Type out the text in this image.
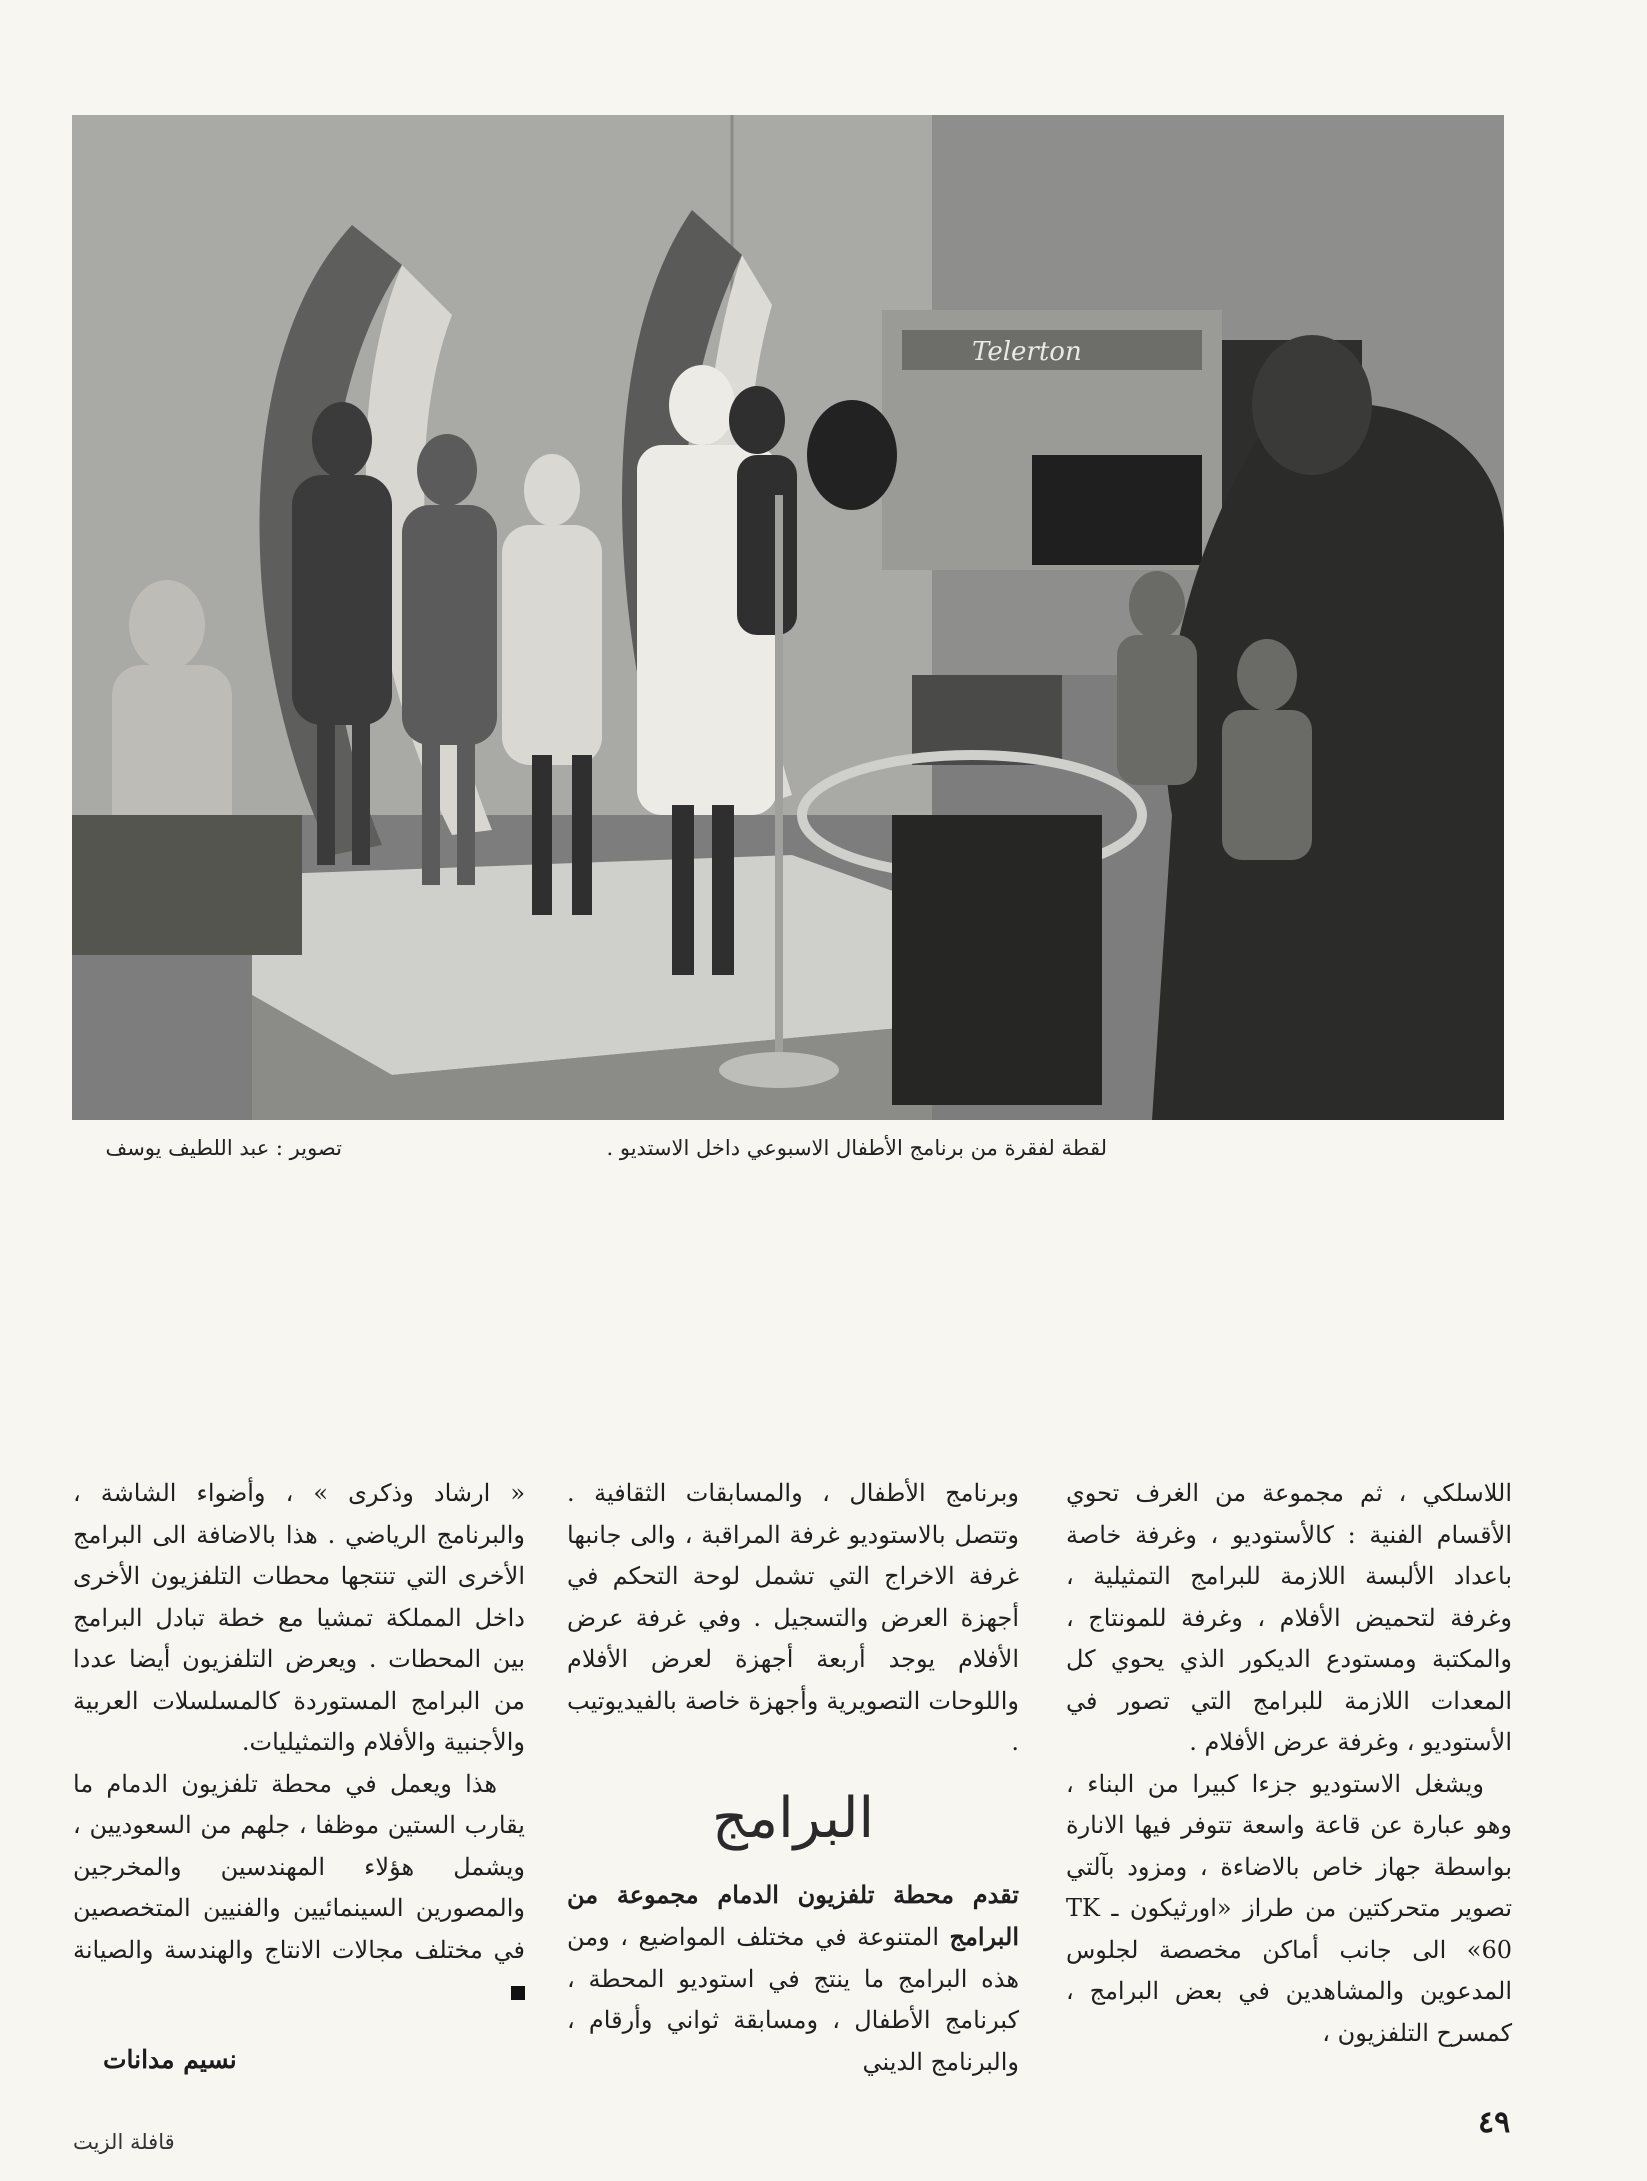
Telerton
لقطة لفقرة من برنامج الأطفال الاسبوعي داخل الاستديو .
تصوير : عبد اللطيف يوسف

اللاسلكي ، ثم مجموعة من الغرف تحوي الأقسام الفنية : كالأستوديو ، وغرفة خاصة باعداد الألبسة اللازمة للبرامج التمثيلية ، وغرفة لتحميض الأفلام ، وغرفة للمونتاج ، والمكتبة ومستودع الديكور الذي يحوي كل المعدات اللازمة للبرامج التي تصور في الأستوديو ، وغرفة عرض الأفلام .

ويشغل الاستوديو جزءا كبيرا من البناء ، وهو عبارة عن قاعة واسعة تتوفر فيها الانارة بواسطة جهاز خاص بالاضاءة ، ومزود بآلتي تصوير متحركتين من طراز «اورثيكون ـ TK 60» الى جانب أماكن مخصصة لجلوس المدعوين والمشاهدين في بعض البرامج ، كمسرح التلفزيون ،

وبرنامج الأطفال ، والمسابقات الثقافية . وتتصل بالاستوديو غرفة المراقبة ، والى جانبها غرفة الاخراج التي تشمل لوحة التحكم في أجهزة العرض والتسجيل . وفي غرفة عرض الأفلام يوجد أربعة أجهزة لعرض الأفلام واللوحات التصويرية وأجهزة خاصة بالفيديوتيب .

البرامج

تقدم محطة تلفزيون الدمام مجموعة من البرامج المتنوعة في مختلف المواضيع ، ومن هذه البرامج ما ينتج في استوديو المحطة ، كبرنامج الأطفال ، ومسابقة ثواني وأرقام ، والبرنامج الديني

« ارشاد وذكرى » ، وأضواء الشاشة ، والبرنامج الرياضي . هذا بالاضافة الى البرامج الأخرى التي تنتجها محطات التلفزيون الأخرى داخل المملكة تمشيا مع خطة تبادل البرامج بين المحطات . ويعرض التلفزيون أيضا عددا من البرامج المستوردة كالمسلسلات العربية والأجنبية والأفلام والتمثيليات.

هذا ويعمل في محطة تلفزيون الدمام ما يقارب الستين موظفا ، جلهم من السعوديين ، ويشمل هؤلاء المهندسين والمخرجين والمصورين السينمائيين والفنيين المتخصصين في مختلف مجالات الانتاج والهندسة والصيانة

نسيم مدانات
٤٩
قافلة الزيت
